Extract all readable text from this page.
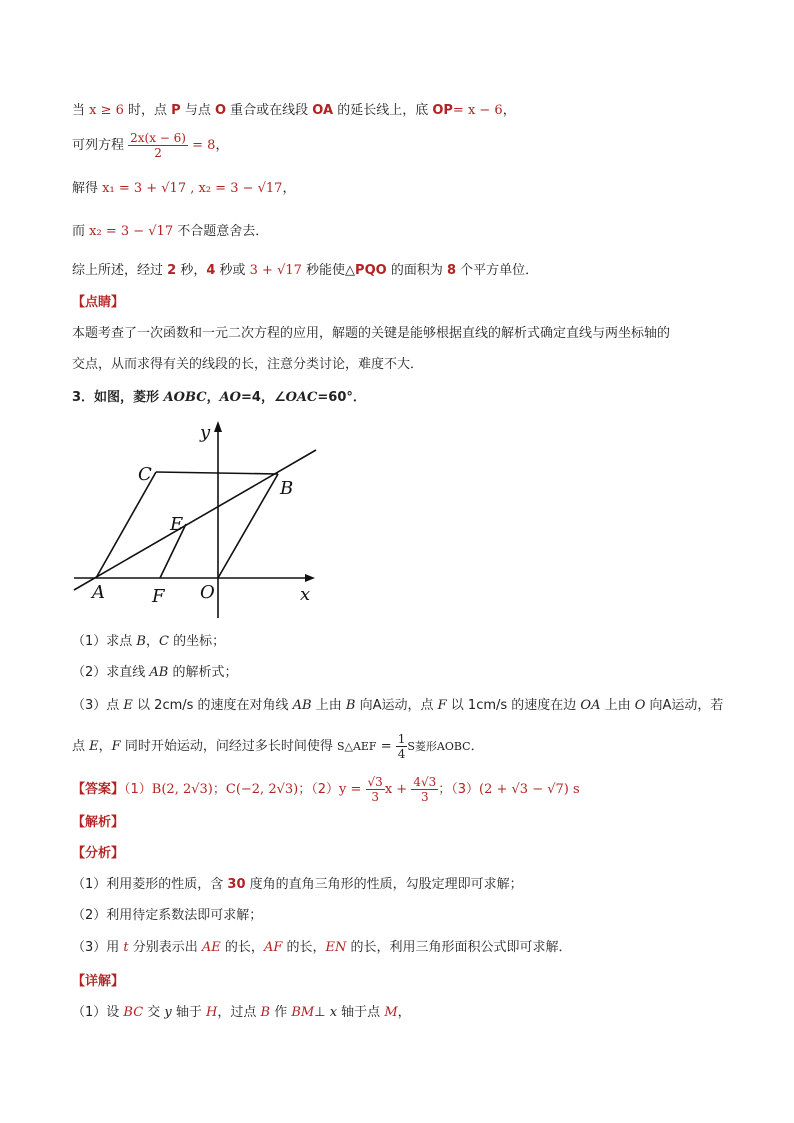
当 x ≥ 6 时，点 P 与点 O 重合或在线段 OA 的延长线上，底 OP= x − 6，
可列方程 $\frac{2x(x - 6)}{2} = 8$，
解得 x₁ = 3 + √17 , x₂ = 3 − √17，
而 x₂ = 3 − √17 不合题意舍去．
综上所述，经过 2 秒，4 秒或 3 + √17 秒能使△PQO 的面积为 8 个平方单位．
【点睛】
本题考查了一次函数和一元二次方程的应用，解题的关键是能够根据直线的解析式确定直线与两坐标轴的
交点，从而求得有关的线段的长，注意分类讨论，难度不大．
3．如图，菱形 AOBC，AO=4，∠OAC=60°．
y
x
C
B
E
A	F O
（1）求点 B，C 的坐标；
（2）求直线 AB 的解析式；
（3）点 E 以 2cm/s 的速度在对角线 AB 上由 B 向A运动，点 F 以 1cm/s 的速度在边 OA 上由 O 向A运动，若
点 E，F 同时开始运动，问经过多长时间使得 S△AEF = $\frac{1}{4}$ S菱形AOBC．
【答案】（1）B(2, 2√3)；C(−2, 2√3)；$(2)y = \frac{√3}{3}$ $x + \frac{4√3}{3}$ ；（3）(2 + √3 − √7) s
【解析】
【分析】
（1）利用菱形的性质，含 30 度角的直角三角形的性质，勾股定理即可求解；
（2）利用待定系数法即可求解；
（3）用 t 分别表示出 AE 的长，AF 的长，EN 的长，利用三角形面积公式即可求解．
【详解】
（1）设 BC 交 y 轴于 H，过点 B 作 BM⊥ x 轴于点 M，
